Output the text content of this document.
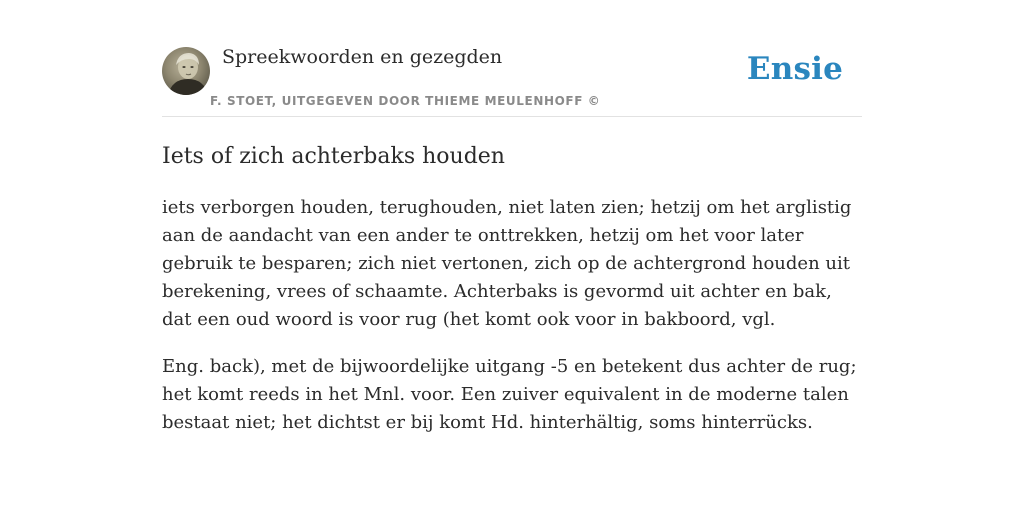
Spreekwoorden en gezegden
F. STOET, UITGEGEVEN DOOR THIEME MEULENHOFF ©
Ensie
Iets of zich achterbaks houden

iets verborgen houden, terughouden, niet laten zien; hetzij om het arglistig aan de aandacht van een ander te onttrekken, hetzij om het voor later gebruik te besparen; zich niet vertonen, zich op de achtergrond houden uit berekening, vrees of schaamte. Achterbaks is gevormd uit achter en bak, dat een oud woord is voor rug (het komt ook voor in bakboord, vgl.

Eng. back), met de bijwoordelijke uitgang -5 en betekent dus achter de rug; het komt reeds in het Mnl. voor. Een zuiver equivalent in de moderne talen bestaat niet; het dichtst er bij komt Hd. hinterhältig, soms hinterrücks.
